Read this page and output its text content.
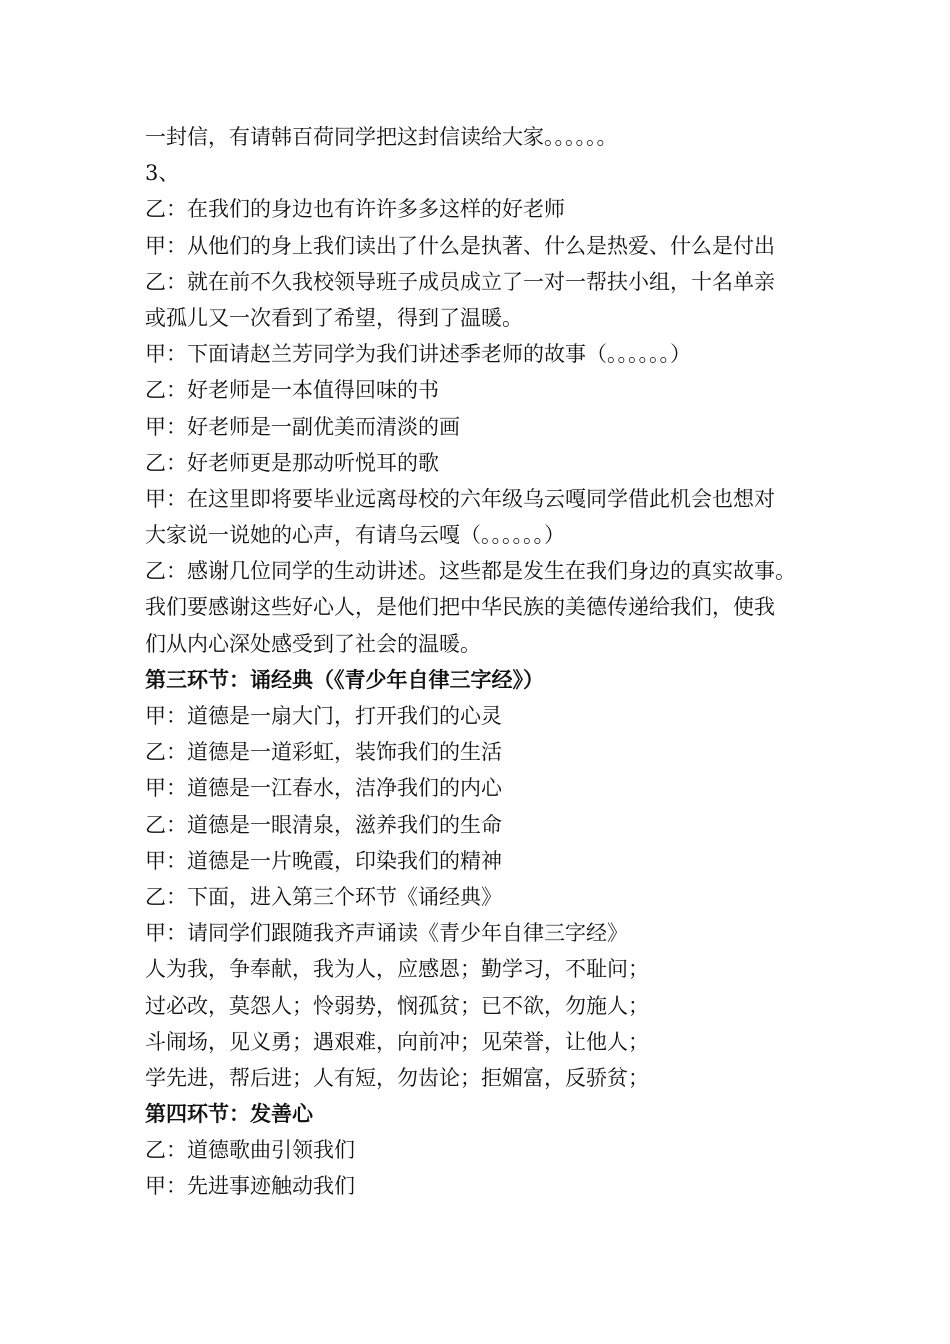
一封信，有请韩百荷同学把这封信读给大家。。。。。。
3、
乙：在我们的身边也有许许多多这样的好老师
甲：从他们的身上我们读出了什么是执著、什么是热爱、什么是付出
乙：就在前不久我校领导班子成员成立了一对一帮扶小组，十名单亲
或孤儿又一次看到了希望，得到了温暖。
甲：下面请赵兰芳同学为我们讲述季老师的故事（。。。。。。）
乙：好老师是一本值得回味的书
甲：好老师是一副优美而清淡的画
乙：好老师更是那动听悦耳的歌
甲：在这里即将要毕业远离母校的六年级乌云嘎同学借此机会也想对
大家说一说她的心声，有请乌云嘎（。。。。。。）
乙：感谢几位同学的生动讲述。这些都是发生在我们身边的真实故事。
我们要感谢这些好心人，是他们把中华民族的美德传递给我们，使我
们从内心深处感受到了社会的温暖。
第三环节：诵经典（《青少年自律三字经》）
甲：道德是一扇大门，打开我们的心灵
乙：道德是一道彩虹，装饰我们的生活
甲：道德是一江春水，洁净我们的内心
乙：道德是一眼清泉，滋养我们的生命
甲：道德是一片晚霞，印染我们的精神
乙：下面，进入第三个环节《诵经典》
甲：请同学们跟随我齐声诵读《青少年自律三字经》
人为我，争奉献，我为人，应感恩；勤学习，不耻问；
过必改，莫怨人；怜弱势，悯孤贫；已不欲，勿施人；
斗闹场，见义勇；遇艰难，向前冲；见荣誉，让他人；
学先进，帮后进；人有短，勿齿论；拒媚富，反骄贫；
第四环节：发善心
乙：道德歌曲引领我们
甲：先进事迹触动我们
